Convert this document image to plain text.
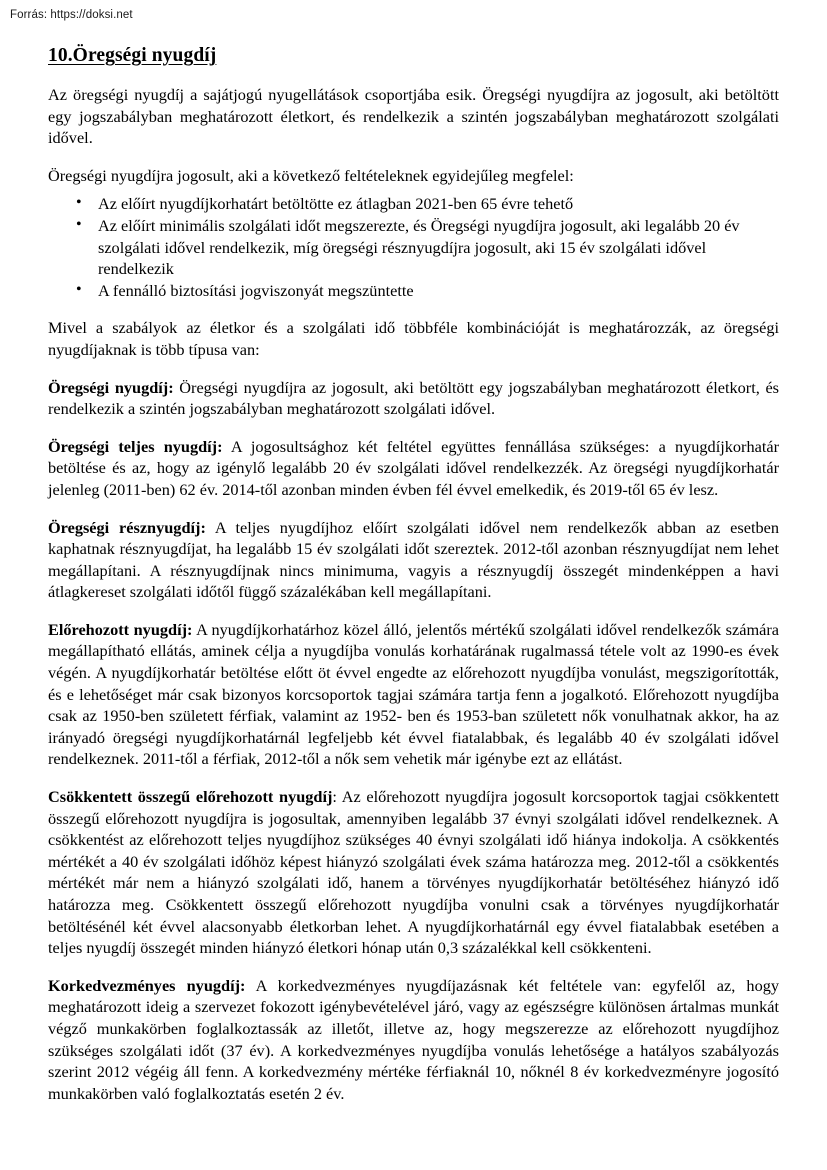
Forrás: https://doksi.net
10.Öregségi nyugdíj

Az öregségi nyugdíj a sajátjogú nyugellátások csoportjába esik. Öregségi nyugdíjra az jogosult, aki betöltött egy jogszabályban meghatározott életkort, és rendelkezik a szintén jogszabályban meghatározott szolgálati idővel.

Öregségi nyugdíjra jogosult, aki a következő feltételeknek egyidejűleg megfelel:

• Az előírt nyugdíjkorhatárt betöltötte ez átlagban 2021-ben 65 évre tehető
• Az előírt minimális szolgálati időt megszerezte, és Öregségi nyugdíjra jogosult, aki legalább 20 év szolgálati idővel rendelkezik, míg öregségi résznyugdíjra jogosult, aki 15 év szolgálati idővel rendelkezik
• A fennálló biztosítási jogviszonyát megszüntette

Mivel a szabályok az életkor és a szolgálati idő többféle kombinációját is meghatározzák, az öregségi nyugdíjaknak is több típusa van:

Öregségi nyugdíj: Öregségi nyugdíjra az jogosult, aki betöltött egy jogszabályban meghatározott életkort, és rendelkezik a szintén jogszabályban meghatározott szolgálati idővel.

Öregségi teljes nyugdíj: A jogosultsághoz két feltétel együttes fennállása szükséges: a nyugdíjkorhatár betöltése és az, hogy az igénylő legalább 20 év szolgálati idővel rendelkezzék. Az öregségi nyugdíjkorhatár jelenleg (2011-ben) 62 év. 2014-től azonban minden évben fél évvel emelkedik, és 2019-től 65 év lesz.

Öregségi résznyugdíj: A teljes nyugdíjhoz előírt szolgálati idővel nem rendelkezők abban az esetben kaphatnak résznyugdíjat, ha legalább 15 év szolgálati időt szereztek. 2012-től azonban résznyugdíjat nem lehet megállapítani. A résznyugdíjnak nincs minimuma, vagyis a résznyugdíj összegét mindenképpen a havi átlagkereset szolgálati időtől függő százalékában kell megállapítani.

Előrehozott nyugdíj: A nyugdíjkorhatárhoz közel álló, jelentős mértékű szolgálati idővel rendelkezők számára megállapítható ellátás, aminek célja a nyugdíjba vonulás korhatárának rugalmassá tétele volt az 1990-es évek végén. A nyugdíjkorhatár betöltése előtt öt évvel engedte az előrehozott nyugdíjba vonulást, megszigorították, és e lehetőséget már csak bizonyos korcsoportok tagjai számára tartja fenn a jogalkotó. Előrehozott nyugdíjba csak az 1950-ben született férfiak, valamint az 1952- ben és 1953-ban született nők vonulhatnak akkor, ha az irányadó öregségi nyugdíjkorhatárnál legfeljebb két évvel fiatalabbak, és legalább 40 év szolgálati idővel rendelkeznek. 2011-től a férfiak, 2012-től a nők sem vehetik már igénybe ezt az ellátást.

Csökkentett összegű előrehozott nyugdíj: Az előrehozott nyugdíjra jogosult korcsoportok tagjai csökkentett összegű előrehozott nyugdíjra is jogosultak, amennyiben legalább 37 évnyi szolgálati idővel rendelkeznek. A csökkentést az előrehozott teljes nyugdíjhoz szükséges 40 évnyi szolgálati idő hiánya indokolja. A csökkentés mértékét a 40 év szolgálati időhöz képest hiányzó szolgálati évek száma határozza meg. 2012-től a csökkentés mértékét már nem a hiányzó szolgálati idő, hanem a törvényes nyugdíjkorhatár betöltéséhez hiányzó idő határozza meg. Csökkentett összegű előrehozott nyugdíjba vonulni csak a törvényes nyugdíjkorhatár betöltésénél két évvel alacsonyabb életkorban lehet. A nyugdíjkorhatárnál egy évvel fiatalabbak esetében a teljes nyugdíj összegét minden hiányzó életkori hónap után 0,3 százalékkal kell csökkenteni.

Korkedvezményes nyugdíj: A korkedvezményes nyugdíjazásnak két feltétele van: egyfelől az, hogy meghatározott ideig a szervezet fokozott igénybevételével járó, vagy az egészségre különösen ártalmas munkát végző munkakörben foglalkoztassák az illetőt, illetve az, hogy megszerezze az előrehozott nyugdíjhoz szükséges szolgálati időt (37 év). A korkedvezményes nyugdíjba vonulás lehetősége a hatályos szabályozás szerint 2012 végéig áll fenn. A korkedvezmény mértéke férfiaknál 10, nőknél 8 év korkedvezményre jogosító munkakörben való foglalkoztatás esetén 2 év.
